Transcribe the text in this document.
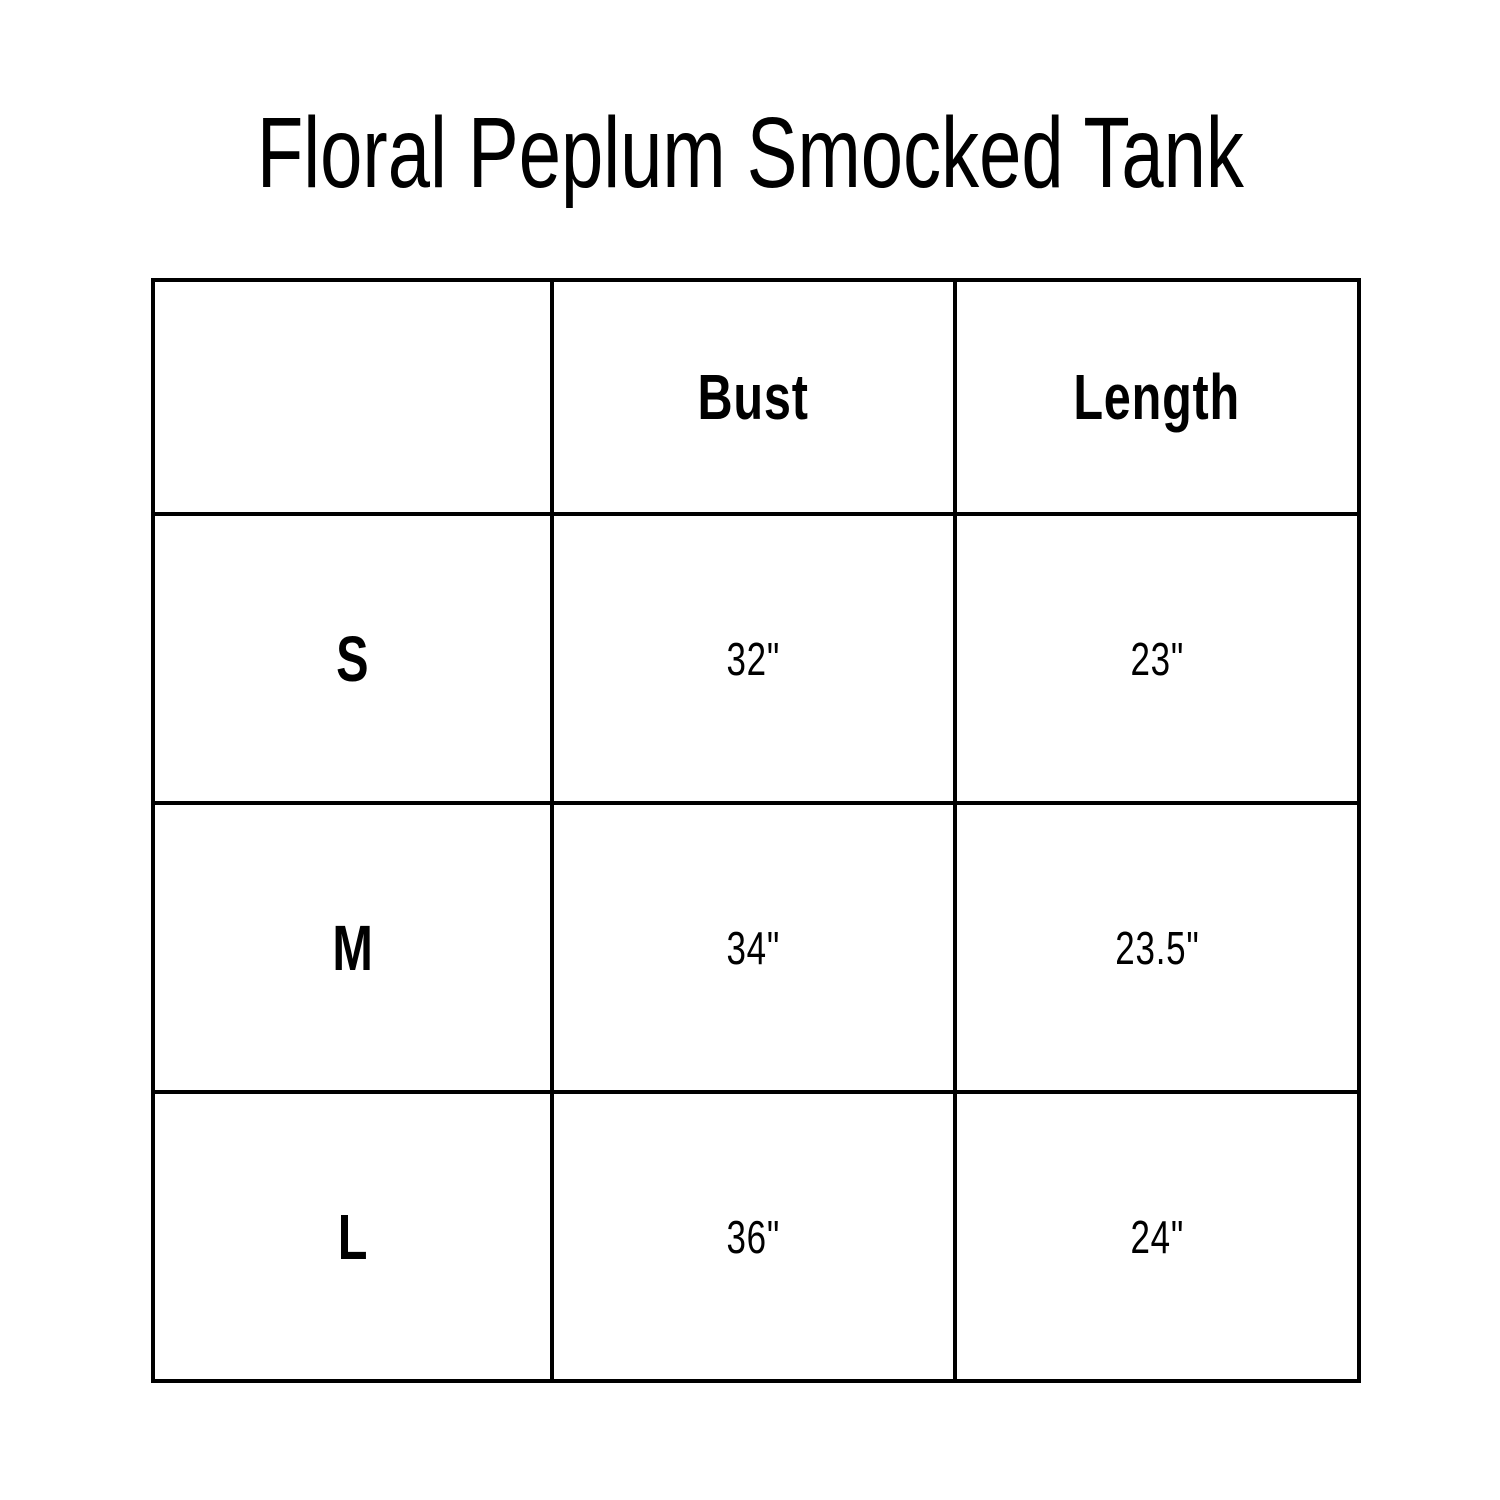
Floral Peplum Smocked Tank
	Bust	Length
S	32"	23"
M	34"	23.5"
L	36"	24"
